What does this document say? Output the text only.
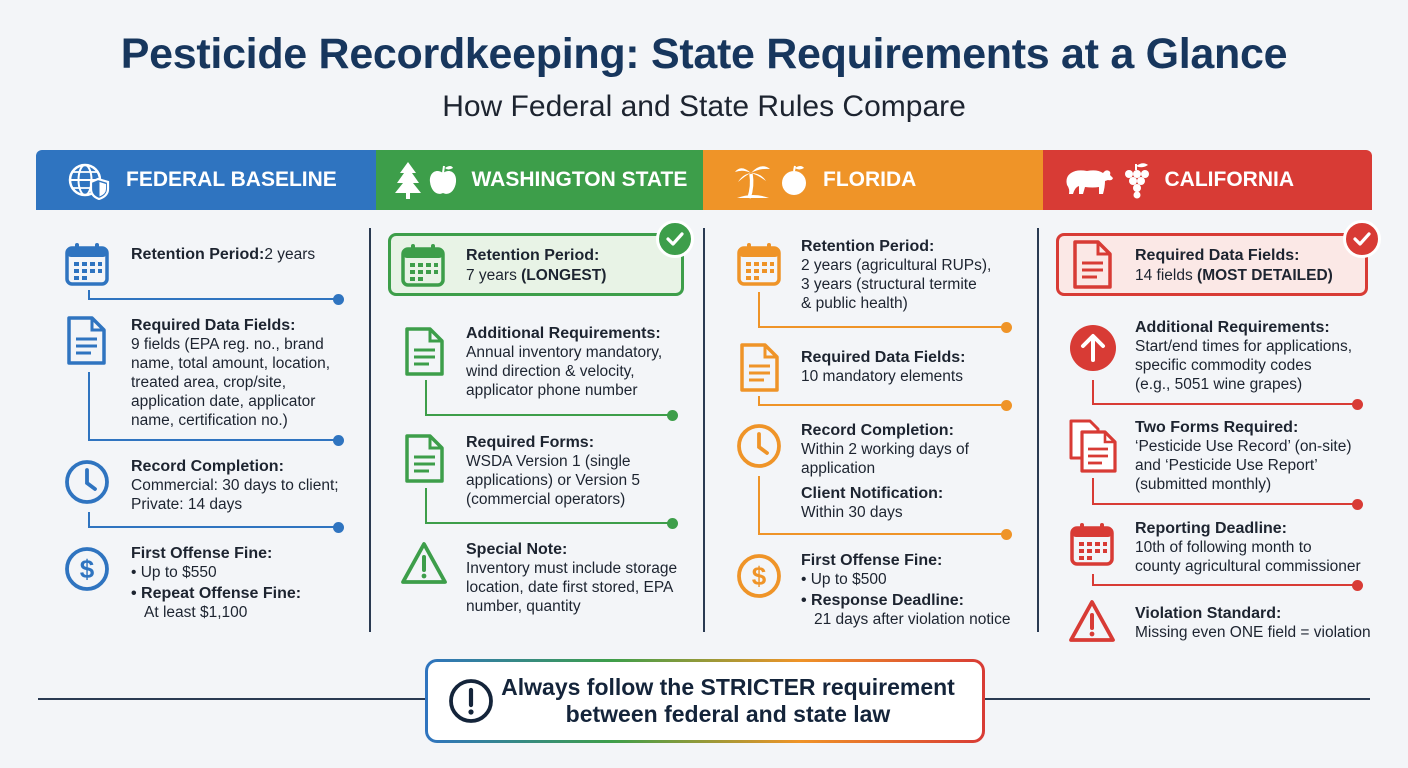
Pesticide Recordkeeping: State Requirements at a Glance
How Federal and State Rules Compare
FEDERAL BASELINE	WASHINGTON STATE	FLORIDA	CALIFORNIA
Retention Period: 2 years
Required Data Fields:
9 fields (EPA reg. no., brand
name, total amount, location,
treated area, crop/site,
application date, applicator
name, certification no.)
Record Completion:
Commercial: 30 days to client;
Private: 14 days
$
First Offense Fine:
• Up to $550
• Repeat Offense Fine:
At least $1,100
Retention Period:
7 years (LONGEST)
Additional Requirements:
Annual inventory mandatory,
wind direction & velocity,
applicator phone number
Required Forms:
WSDA Version 1 (single
applications) or Version 5
(commercial operators)
Special Note:
Inventory must include storage
location, date first stored, EPA
number, quantity
Retention Period:
2 years (agricultural RUPs),
3 years (structural termite
& public health)
Required Data Fields:
10 mandatory elements
Record Completion:
Within 2 working days of
application
Client Notification:
Within 30 days
$
First Offense Fine:
• Up to $500
• Response Deadline:
21 days after violation notice
Required Data Fields:
14 fields (MOST DETAILED)
Additional Requirements:
Start/end times for applications,
specific commodity codes
(e.g., 5051 wine grapes)
Two Forms Required:
‘Pesticide Use Record’ (on-site)
and ‘Pesticide Use Report’
(submitted monthly)
Reporting Deadline:
10th of following month to
county agricultural commissioner
Violation Standard:
Missing even ONE field = violation
Always follow the STRICTER requirement
between federal and state law
